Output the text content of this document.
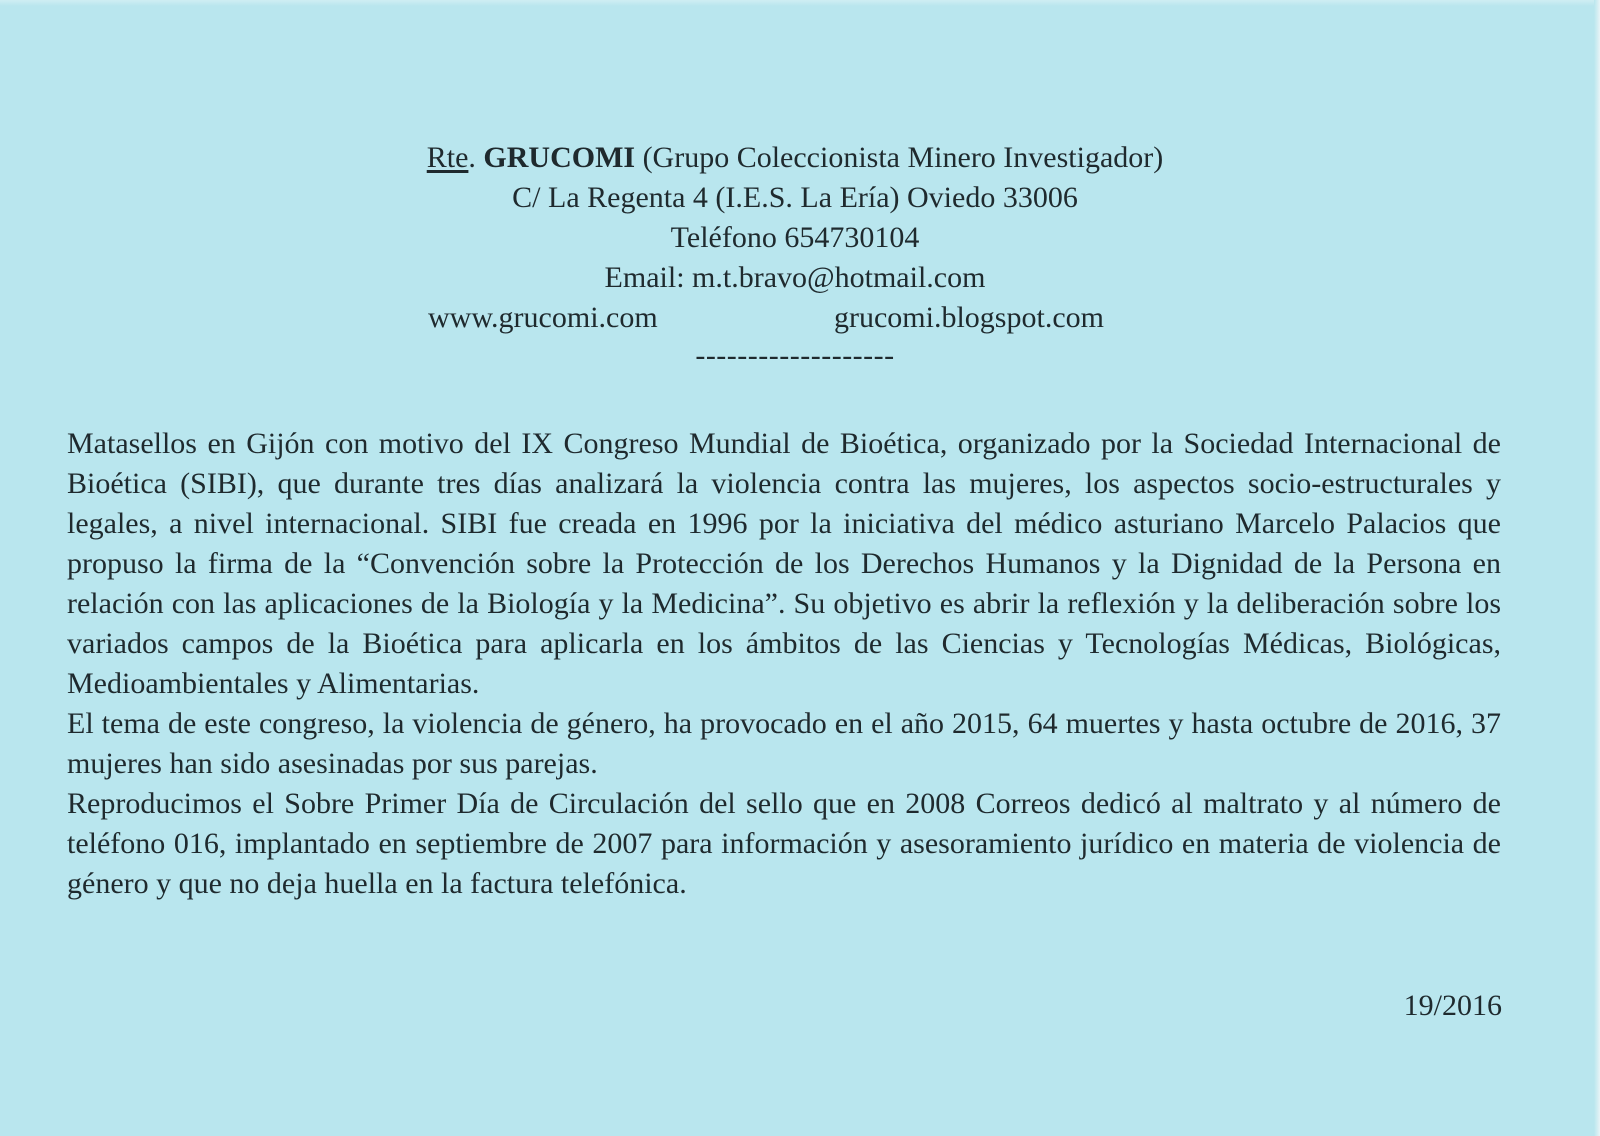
Rte. GRUCOMI (Grupo Coleccionista Minero Investigador)
C/ La Regenta 4 (I.E.S. La Ería) Oviedo 33006
Teléfono 654730104
Email: m.t.bravo@hotmail.com
www.grucomi.com	grucomi.blogspot.com
-------------------

Matasellos en Gijón con motivo del IX Congreso Mundial de Bioética, organizado por la Sociedad Internacional de Bioética (SIBI), que durante tres días analizará la violencia contra las mujeres, los aspectos socio-estructurales y legales, a nivel internacional. SIBI fue creada en 1996 por la iniciativa del médico asturiano Marcelo Palacios que propuso la firma de la “Convención sobre la Protección de los Derechos Humanos y la Dignidad de la Persona en relación con las aplicaciones de la Biología y la Medicina”. Su objetivo es abrir la reflexión y la deliberación sobre los variados campos de la Bioética para aplicarla en los ámbitos de las Ciencias y Tecnologías Médicas, Biológicas, Medioambientales y Alimentarias.

El tema de este congreso, la violencia de género, ha provocado en el año 2015, 64 muertes y hasta octubre de 2016, 37 mujeres han sido asesinadas por sus parejas.

Reproducimos el Sobre Primer Día de Circulación del sello que en 2008 Correos dedicó al maltrato y al número de teléfono 016, implantado en septiembre de 2007 para información y asesoramiento jurídico en materia de violencia de género y que no deja huella en la factura telefónica.

19/2016
